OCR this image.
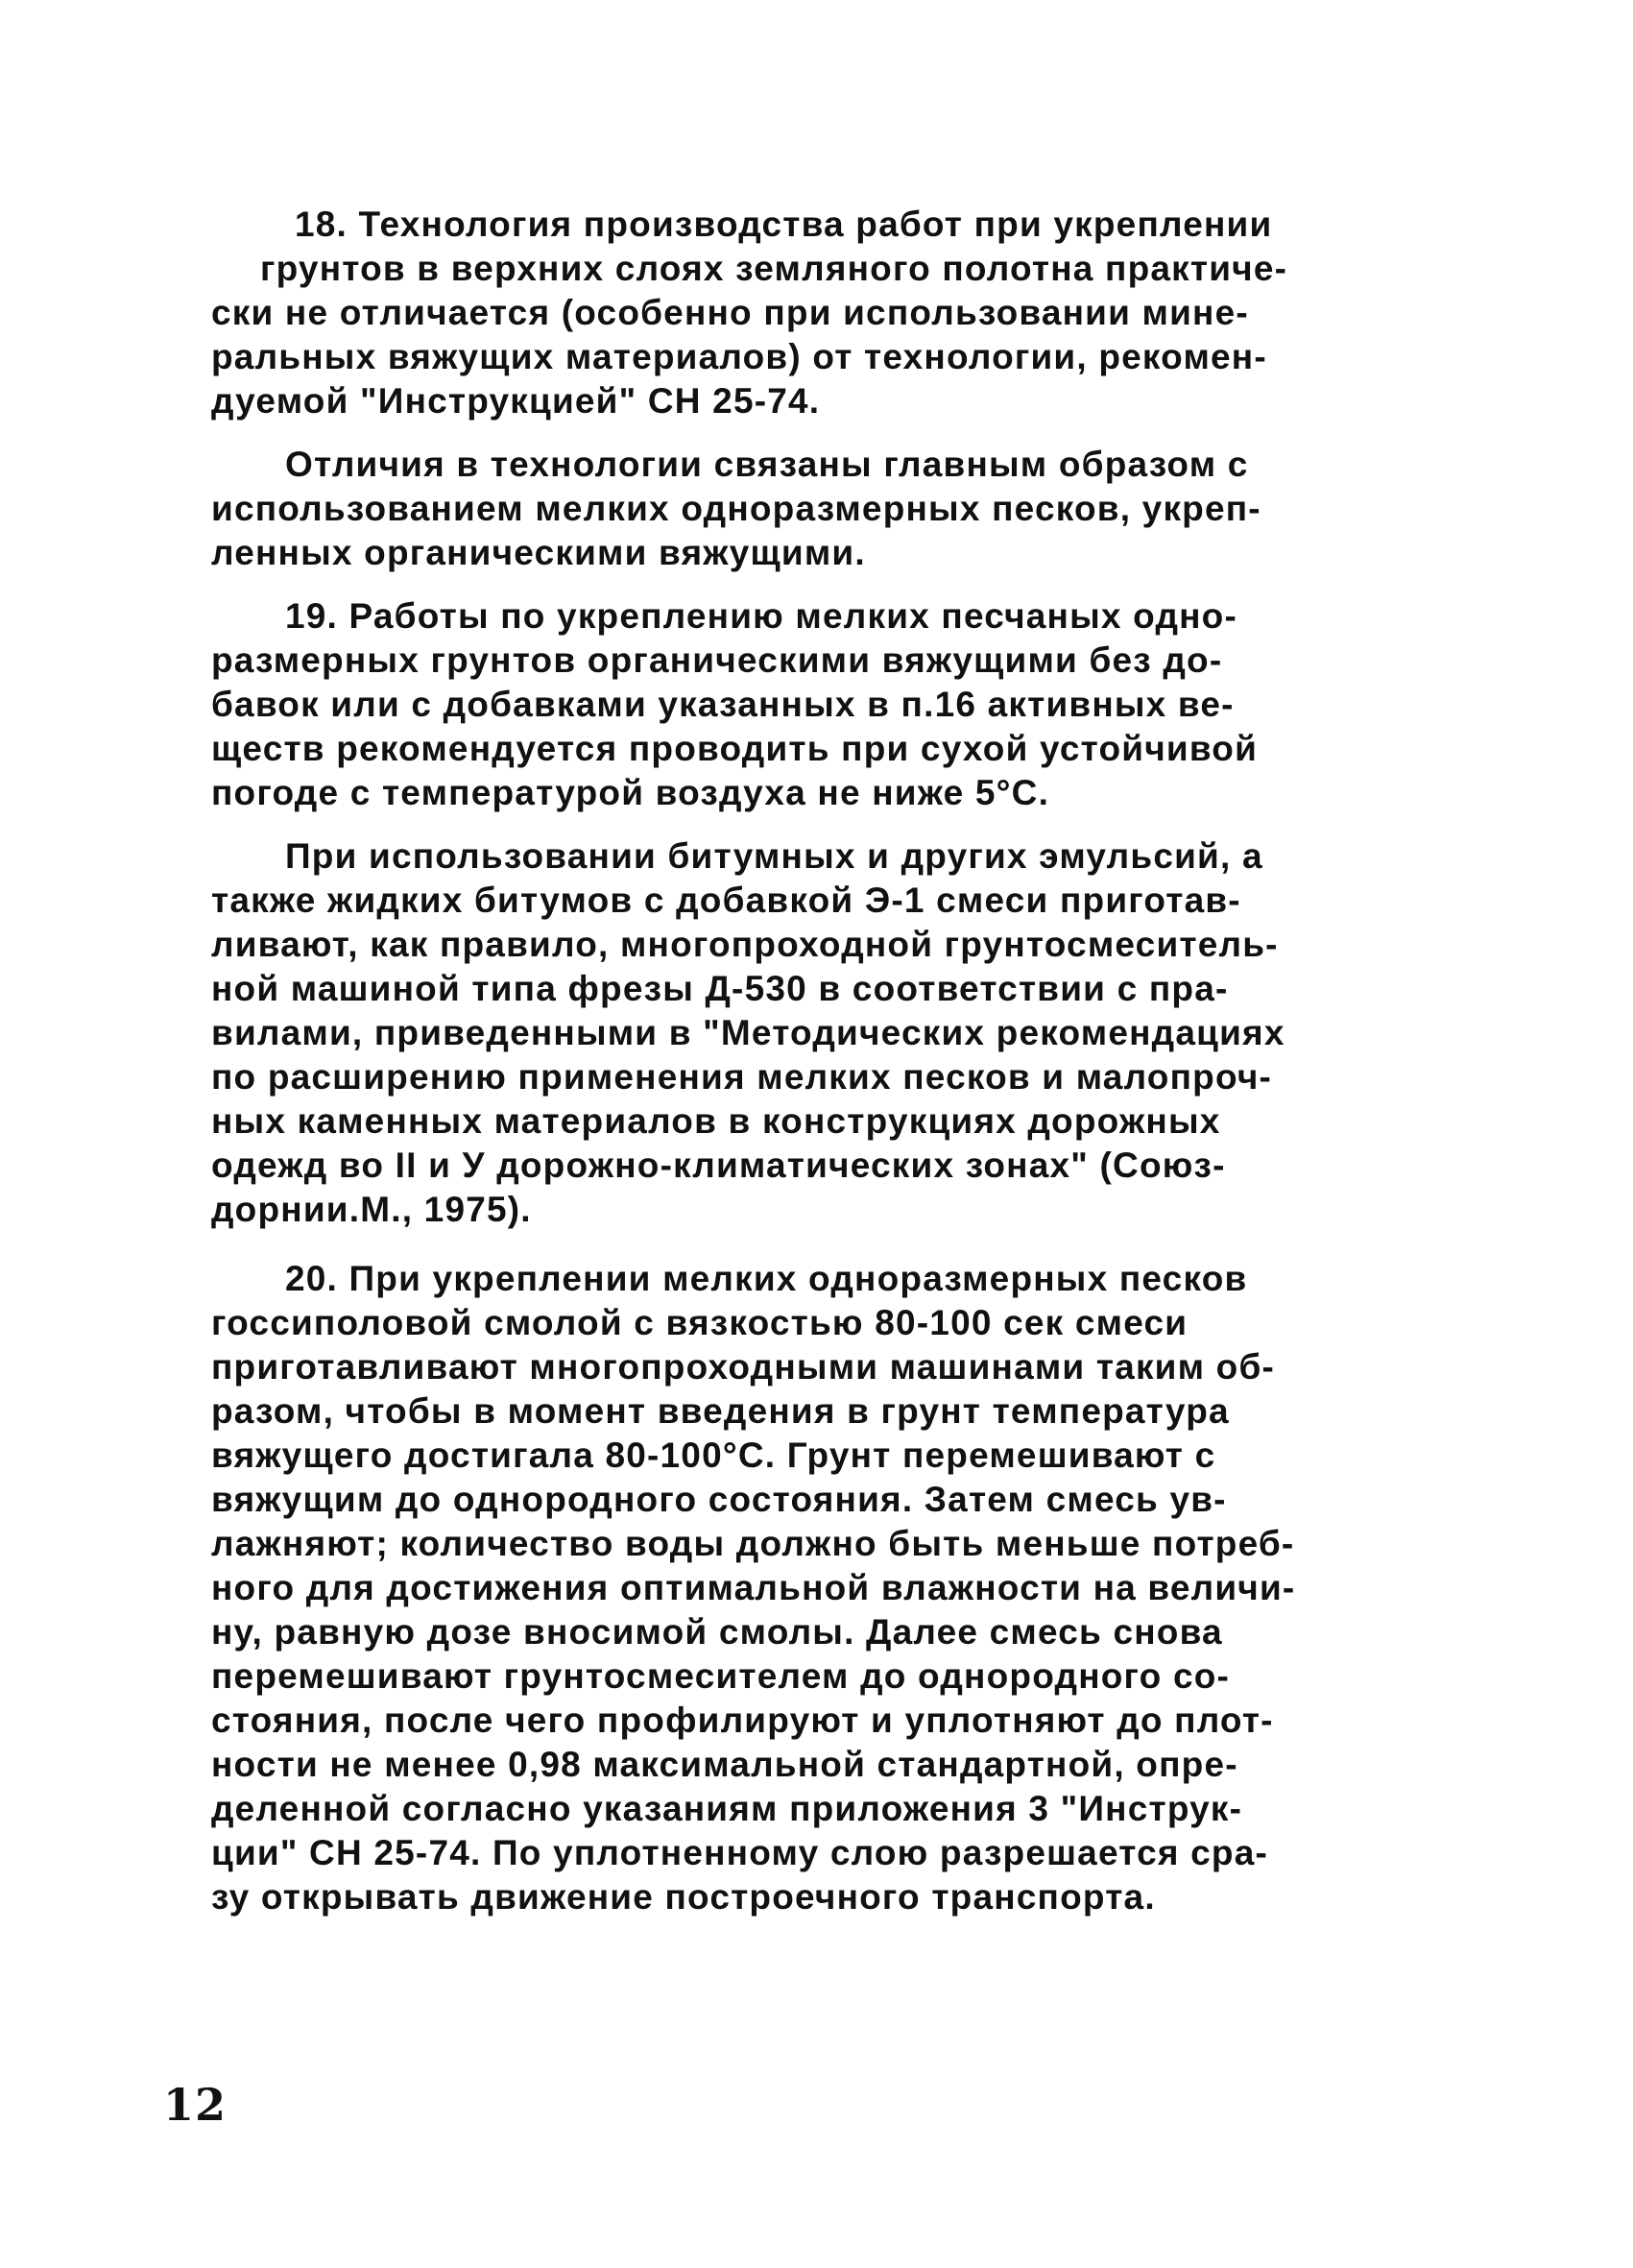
18. Технология производства работ при укреплении
грунтов в верхних слоях земляного полотна практиче-
ски не отличается (особенно при использовании мине-
ральных вяжущих материалов) от технологии, рекомен-
дуемой "Инструкцией" СН 25-74.
Отличия в технологии связаны главным образом с
использованием мелких одноразмерных песков, укреп-
ленных органическими вяжущими.
19. Работы по укреплению мелких песчаных одно-
размерных грунтов органическими вяжущими без до-
бавок или с добавками указанных в п.16 активных ве-
ществ рекомендуется проводить при сухой устойчивой
погоде с температурой воздуха не ниже 5°С.
При использовании битумных и других эмульсий, а
также жидких битумов с добавкой Э-1 смеси приготав-
ливают, как правило, многопроходной грунтосмеситель-
ной машиной типа фрезы Д-530 в соответствии с пра-
вилами, приведенными в "Методических рекомендациях
по расширению применения мелких песков и малопроч-
ных каменных материалов в конструкциях дорожных
одежд во II и У дорожно-климатических зонах" (Союз-
дорнии.М., 1975).
20. При укреплении мелких одноразмерных песков
госсиполовой смолой с вязкостью 80-100 сек смеси
приготавливают многопроходными машинами таким об-
разом, чтобы в момент введения в грунт температура
вяжущего достигала 80-100°С. Грунт перемешивают с
вяжущим до однородного состояния. Затем смесь ув-
лажняют; количество воды должно быть меньше потреб-
ного для достижения оптимальной влажности на величи-
ну, равную дозе вносимой смолы. Далее смесь снова
перемешивают грунтосмесителем до однородного со-
стояния, после чего профилируют и уплотняют до плот-
ности не менее 0,98 максимальной стандартной, опре-
деленной согласно указаниям приложения 3 "Инструк-
ции" СН 25-74. По уплотненному слою разрешается сра-
зу открывать движение построечного транспорта.
12
